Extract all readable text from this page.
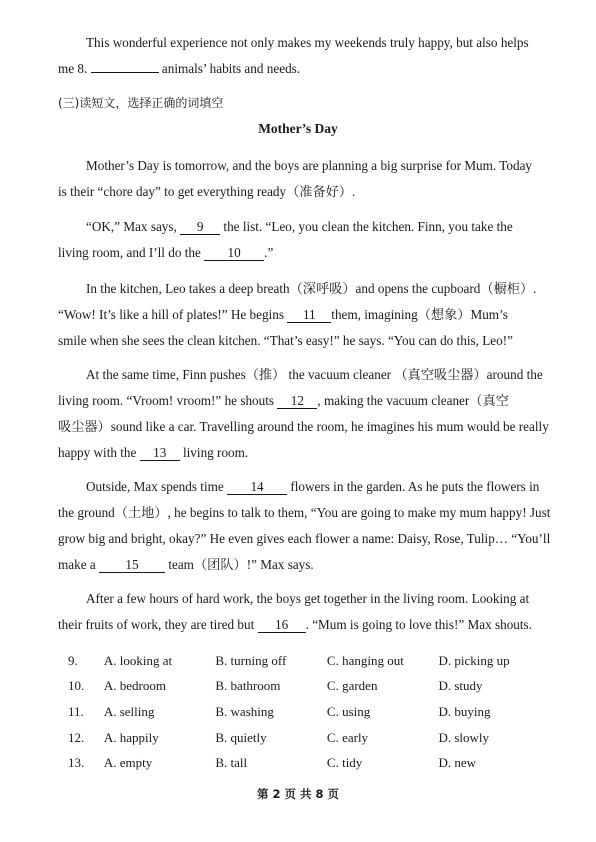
This wonderful experience not only makes my weekends truly happy, but also helps
me 8.	animals’ habits and needs.
(三)读短文，选择正确的词填空
Mother’s Day
Mother’s Day is tomorrow, and the boys are planning a big surprise for Mum. Today
is their “chore day” to get everything ready（准备好）.
“OK,” Max says, 9 the list. “Leo, you clean the kitchen. Finn, you take the
living room, and I’ll do the 10 .”
In the kitchen, Leo takes a deep breath（深呼吸）and opens the cupboard（橱柜）.
“Wow! It’s like a hill of plates!” He begins 11 them, imagining（想象）Mum’s
smile when she sees the clean kitchen. “That’s easy!” he says. “You can do this, Leo!”
At the same time, Finn pushes（推） the vacuum cleaner （真空吸尘器）around the
living room. “Vroom! vroom!” he shouts 12 , making the vacuum cleaner（真空
吸尘器）sound like a car. Travelling around the room, he imagines his mum would be really
happy with the 13 living room.
Outside, Max spends time 14 flowers in the garden. As he puts the flowers in
the ground（土地）, he begins to talk to them, “You are going to make my mum happy! Just
grow big and bright, okay?” He even gives each flower a name: Daisy, Rose, Tulip… “You’ll
make a 15 team（团队）!” Max says.
After a few hours of hard work, the boys get together in the living room. Looking at
their fruits of work, they are tired but 16 . “Mum is going to love this!” Max shouts.
9.	A. looking at	B. turning off	C. hanging out	D. picking up
10.	A. bedroom	B. bathroom	C. garden	D. study
11.	A. selling	B. washing	C. using	D. buying
12.	A. happily	B. quietly	C. early	D. slowly
13.	A. empty	B. tall	C. tidy	D. new
第 2 页 共 8 页
